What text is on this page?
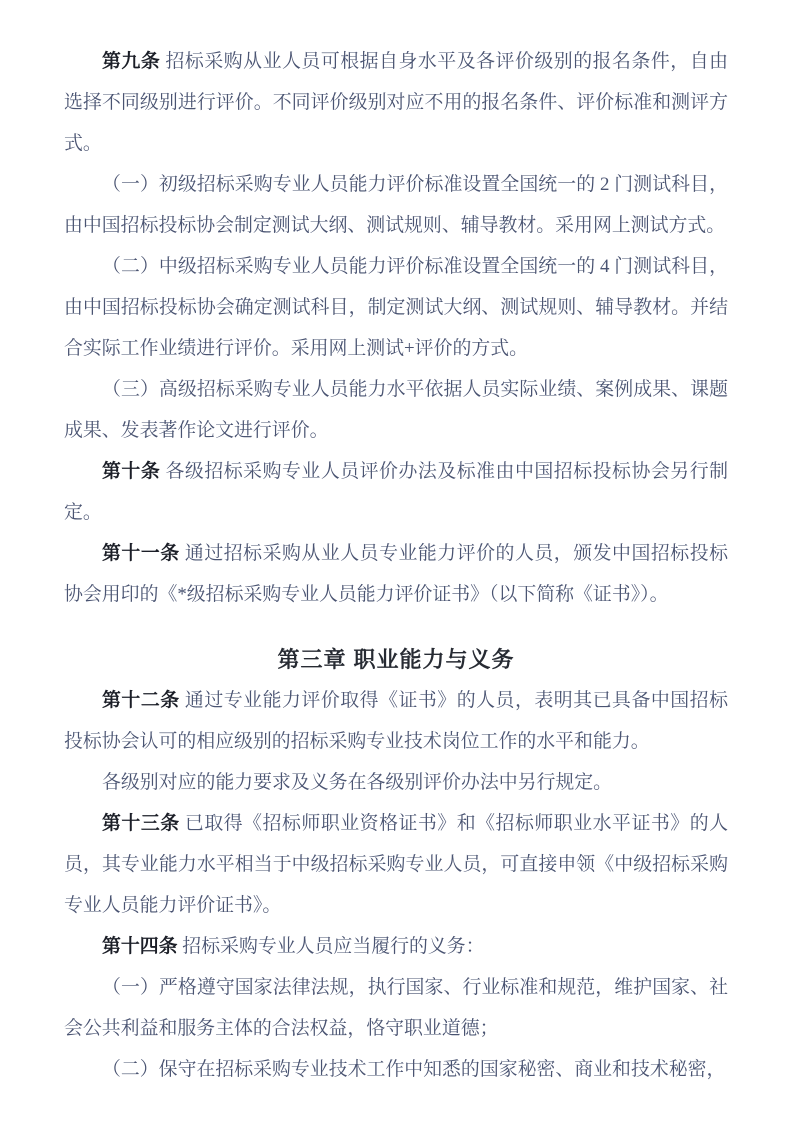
第九条 招标采购从业人员可根据自身水平及各评价级别的报名条件，自由选择不同级别进行评价。不同评价级别对应不用的报名条件、评价标准和测评方式。

（一）初级招标采购专业人员能力评价标准设置全国统一的 2 门测试科目，由中国招标投标协会制定测试大纲、测试规则、辅导教材。采用网上测试方式。

（二）中级招标采购专业人员能力评价标准设置全国统一的 4 门测试科目，由中国招标投标协会确定测试科目，制定测试大纲、测试规则、辅导教材。并结合实际工作业绩进行评价。采用网上测试+评价的方式。

（三）高级招标采购专业人员能力水平依据人员实际业绩、案例成果、课题成果、发表著作论文进行评价。

第十条 各级招标采购专业人员评价办法及标准由中国招标投标协会另行制定。

第十一条 通过招标采购从业人员专业能力评价的人员，颁发中国招标投标协会用印的《*级招标采购专业人员能力评价证书》（以下简称《证书》）。

第三章 职业能力与义务

第十二条 通过专业能力评价取得《证书》的人员，表明其已具备中国招标投标协会认可的相应级别的招标采购专业技术岗位工作的水平和能力。

各级别对应的能力要求及义务在各级别评价办法中另行规定。

第十三条 已取得《招标师职业资格证书》和《招标师职业水平证书》的人员，其专业能力水平相当于中级招标采购专业人员，可直接申领《中级招标采购专业人员能力评价证书》。

第十四条 招标采购专业人员应当履行的义务：

（一）严格遵守国家法律法规，执行国家、行业标准和规范，维护国家、社会公共利益和服务主体的合法权益，恪守职业道德；

（二）保守在招标采购专业技术工作中知悉的国家秘密、商业和技术秘密，
